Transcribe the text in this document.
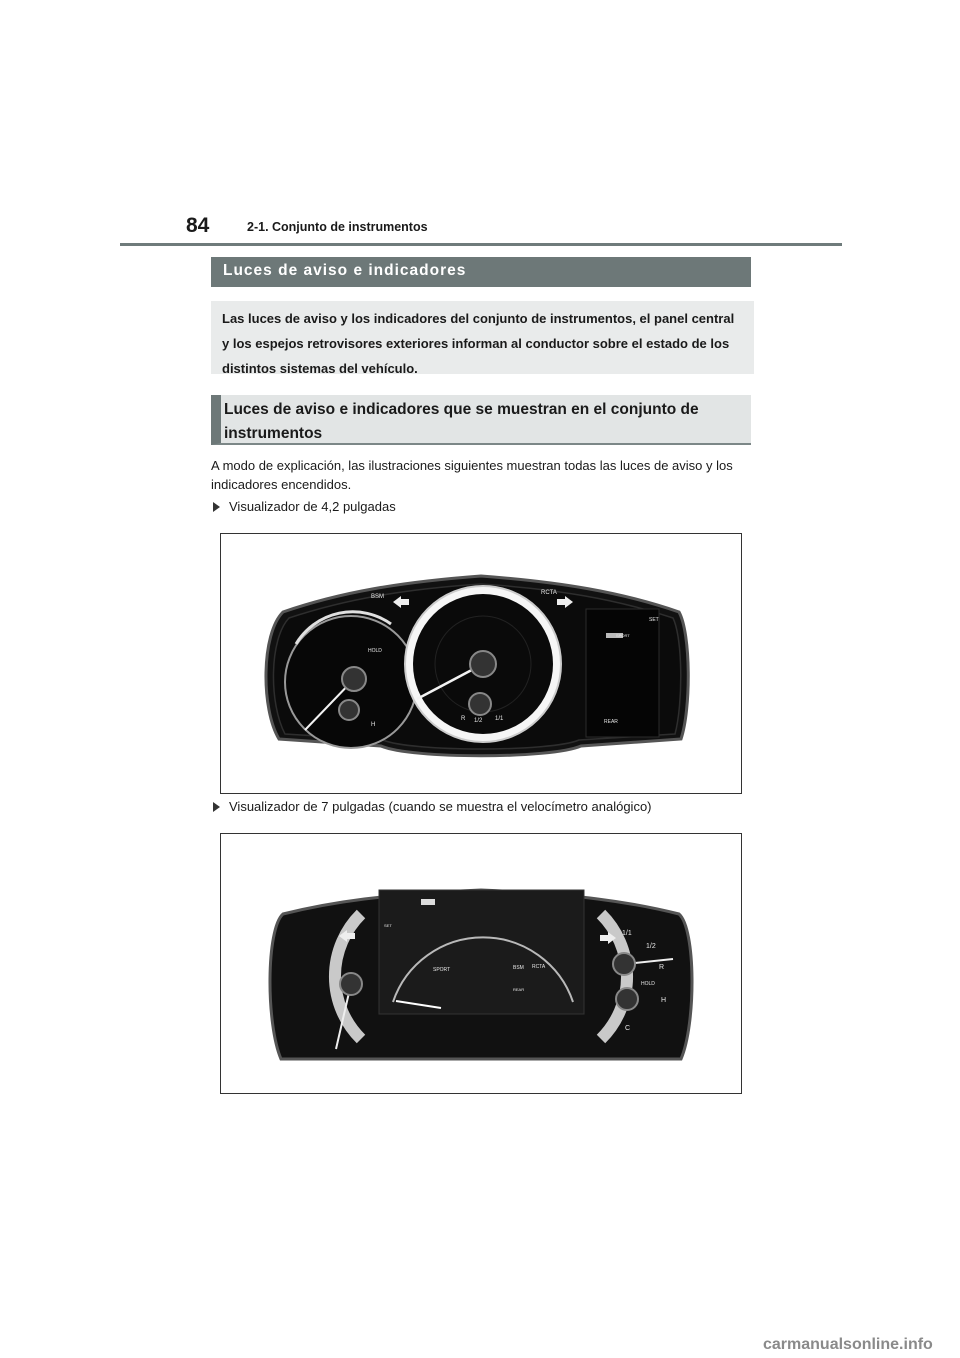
84	2-1. Conjunto de instrumentos
Luces de aviso e indicadores
Las luces de aviso y los indicadores del conjunto de instrumentos, el panel central y los espejos retrovisores exteriores informan al conductor sobre el estado de los distintos sistemas del vehículo.
Luces de aviso e indicadores que se muestran en el conjunto de instrumentos
A modo de explicación, las ilustraciones siguientes muestran todas las luces de aviso y los indicadores encendidos.
Visualizador de 4,2 pulgadas
BSM
RCTA
HOLD
SET
REAR
SPORT
H
1/2 1/1
R
Visualizador de 7 pulgadas (cuando se muestra el velocímetro analógico)
SPORT	BSM RCTA
REAR
SET
HOLD
1/1
1/2
R
H
C
carmanualsonline.info
